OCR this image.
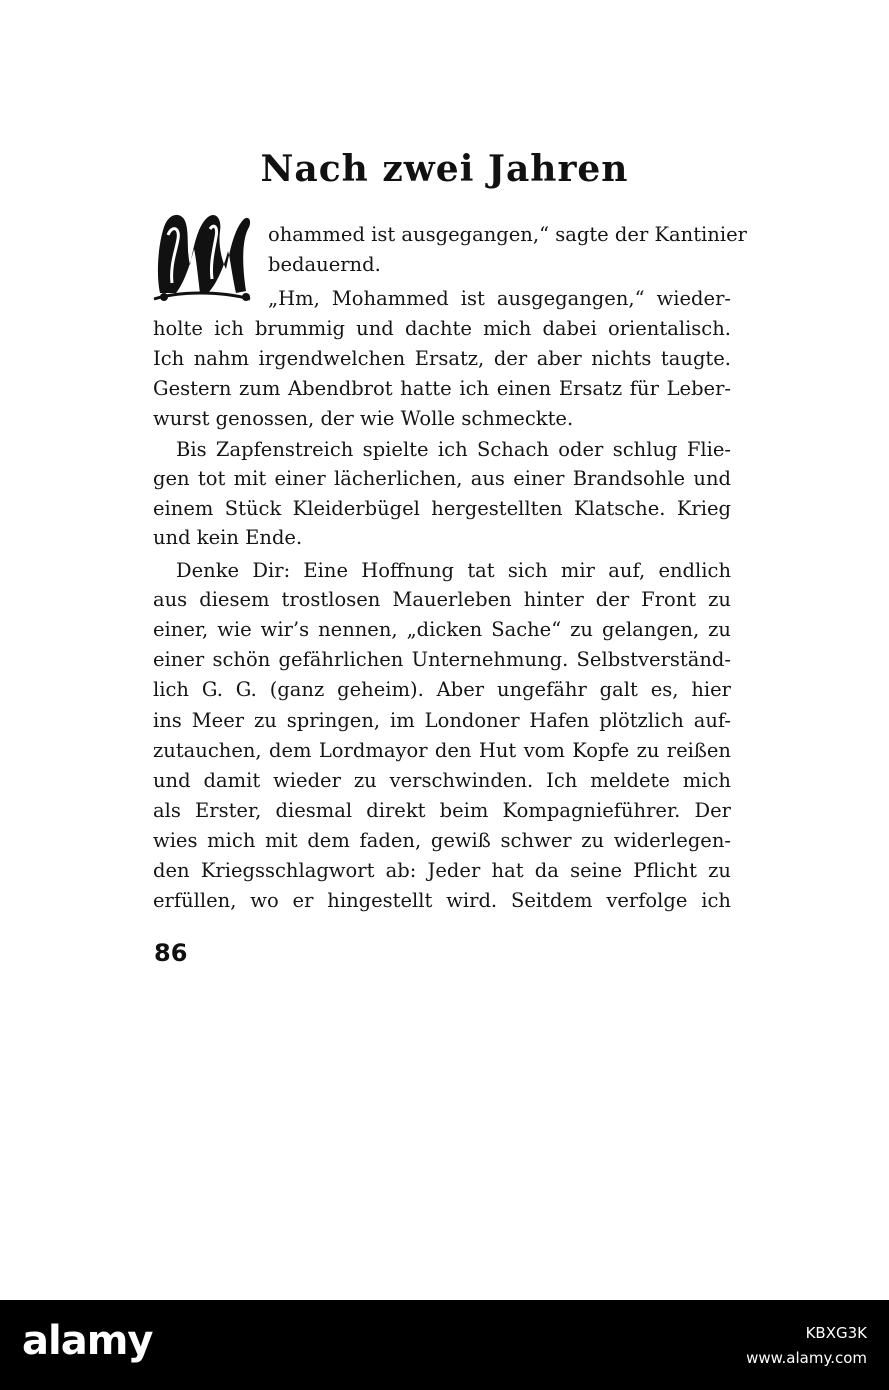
Nach zwei Jahren
ohammed ist ausgegangen,“ sagte der Kantinier
bedauernd.
„Hm, Mohammed ist ausgegangen,“ wieder-
holte ich brummig und dachte mich dabei orientalisch.
Ich nahm irgendwelchen Ersatz, der aber nichts taugte.
Gestern zum Abendbrot hatte ich einen Ersatz für Leber-
wurst genossen, der wie Wolle schmeckte.
Bis Zapfenstreich spielte ich Schach oder schlug Flie-
gen tot mit einer lächerlichen, aus einer Brandsohle und
einem Stück Kleiderbügel hergestellten Klatsche. Krieg
und kein Ende.
Denke Dir: Eine Hoffnung tat sich mir auf, endlich
aus diesem trostlosen Mauerleben hinter der Front zu
einer, wie wir’s nennen, „dicken Sache“ zu gelangen, zu
einer schön gefährlichen Unternehmung. Selbstverständ-
lich G. G. (ganz geheim). Aber ungefähr galt es, hier
ins Meer zu springen, im Londoner Hafen plötzlich auf-
zutauchen, dem Lordmayor den Hut vom Kopfe zu reißen
und damit wieder zu verschwinden. Ich meldete mich
als Erster, diesmal direkt beim Kompagnieführer. Der
wies mich mit dem faden, gewiß schwer zu widerlegen-
den Kriegsschlagwort ab: Jeder hat da seine Pflicht zu
erfüllen, wo er hingestellt wird. Seitdem verfolge ich
86
alamy	KBXG3K
www.alamy.com
